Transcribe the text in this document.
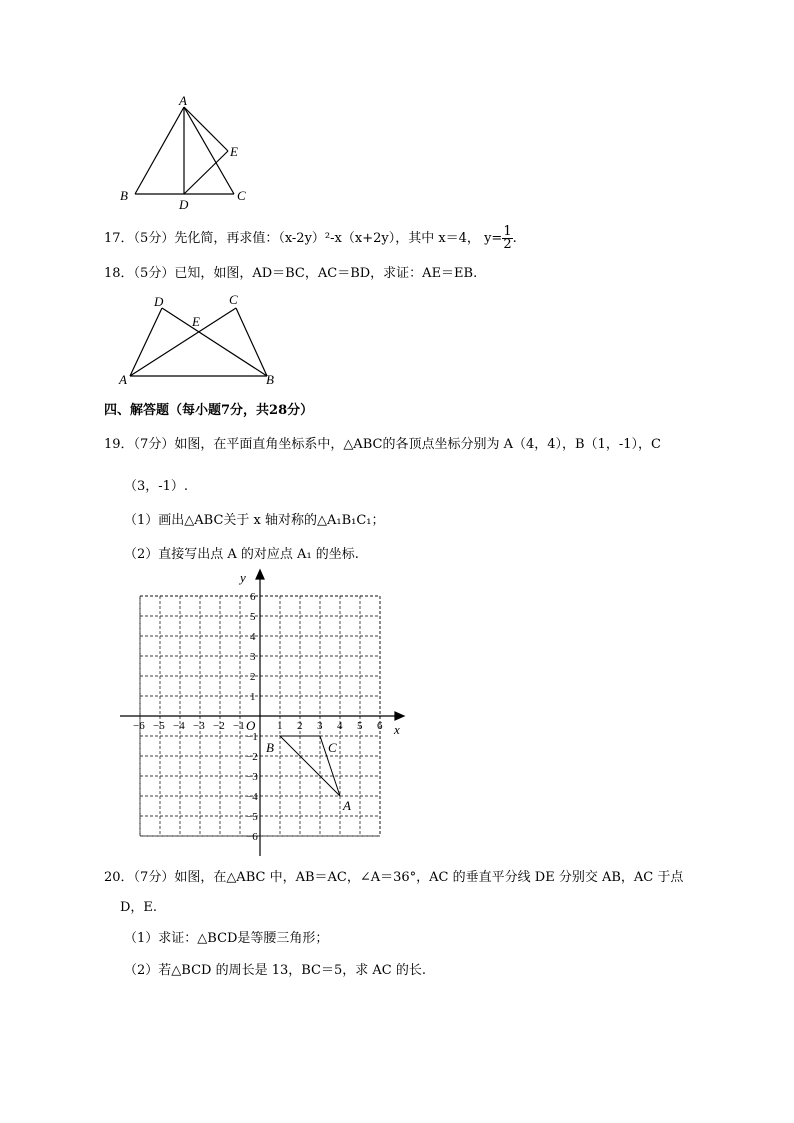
A
B	C
D
E
17．（5分）先化简，再求值：（x-2y）²-x（x+2y），其中 x＝4， $y= \frac{1}{2}$ .
18．（5分）已知，如图，AD＝BC，AC＝BD，求证：AE＝EB.
D	C
E
A	B
四、解答题（每小题7分，共28分）
19．（7分）如图，在平面直角坐标系中，△ABC的各顶点坐标分别为 A（4，4），B（1，-1），C
（3，-1）.
（1）画出△ABC关于 x 轴对称的△A₁B₁C₁；
（2）直接写出点 A 的对应点 A₁ 的坐标.
−6 −5 −4 −3 −2 −1	1 2 3 4 5 6
6
5
4
3
2
1
−1
−2
−3
−4
−5
−6
x
y
O
A
B	C
20．（7分）如图，在△ABC 中，AB＝AC，∠A＝36°，AC 的垂直平分线 DE 分别交 AB，AC 于点
D，E.
（1）求证：△BCD是等腰三角形；
（2）若△BCD 的周长是 13，BC＝5，求 AC 的长.
